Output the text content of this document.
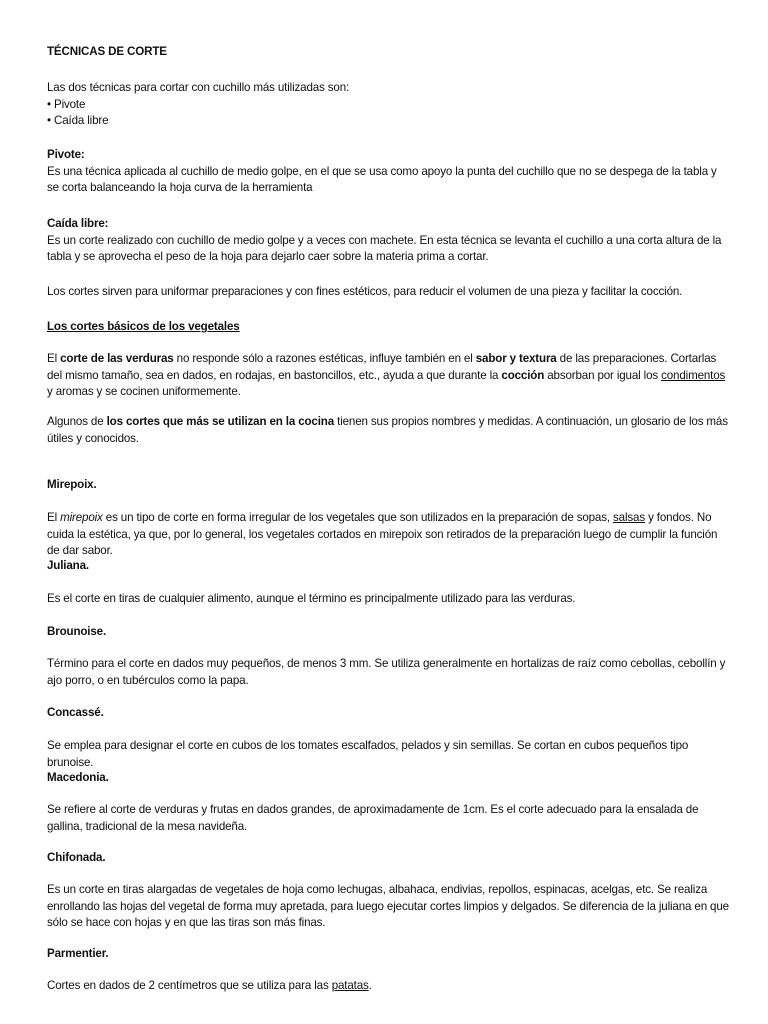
TÉCNICAS DE CORTE

Las dos técnicas para cortar con cuchillo más utilizadas son:
• Pivote
• Caída libre

Pivote:
Es una técnica aplicada al cuchillo de medio golpe, en el que se usa como apoyo la punta del cuchillo que no se despega de la tabla y se corta balanceando la hoja curva de la herramienta

Caída libre:
Es un corte realizado con cuchillo de medio golpe y a veces con machete. En esta técnica se levanta el cuchillo a una corta altura de la tabla y se aprovecha el peso de la hoja para dejarlo caer sobre la materia prima a cortar.

Los cortes sirven para uniformar preparaciones y con fines estéticos, para reducir el volumen de una pieza y facilitar la cocción.

Los cortes básicos de los vegetales

El corte de las verduras no responde sólo a razones estéticas, influye también en el sabor y textura de las preparaciones. Cortarlas del mismo tamaño, sea en dados, en rodajas, en bastoncillos, etc., ayuda a que durante la cocción absorban por igual los condimentos y aromas y se cocinen uniformemente.

Algunos de los cortes que más se utilizan en la cocina tienen sus propios nombres y medidas. A continuación, un glosario de los más útiles y conocidos.

Mirepoix.

El mirepoix es un tipo de corte en forma irregular de los vegetales que son utilizados en la preparación de sopas, salsas y fondos. No cuida la estética, ya que, por lo general, los vegetales cortados en mirepoix son retirados de la preparación luego de cumplir la función de dar sabor.

Juliana.

Es el corte en tiras de cualquier alimento, aunque el término es principalmente utilizado para las verduras.

Brounoise.

Término para el corte en dados muy pequeños, de menos 3 mm. Se utiliza generalmente en hortalizas de raíz como cebollas, cebollín y ajo porro, o en tubérculos como la papa.

Concassé.

Se emplea para designar el corte en cubos de los tomates escalfados, pelados y sin semillas. Se cortan en cubos pequeños tipo brunoise.

Macedonia.

Se refiere al corte de verduras y frutas en dados grandes, de aproximadamente de 1cm. Es el corte adecuado para la ensalada de gallina, tradicional de la mesa navideña.

Chifonada.

Es un corte en tiras alargadas de vegetales de hoja como lechugas, albahaca, endivias, repollos, espinacas, acelgas, etc. Se realiza enrollando las hojas del vegetal de forma muy apretada, para luego ejecutar cortes limpios y delgados. Se diferencia de la juliana en que sólo se hace con hojas y en que las tiras son más finas.

Parmentier.

Cortes en dados de 2 centímetros que se utiliza para las patatas.
